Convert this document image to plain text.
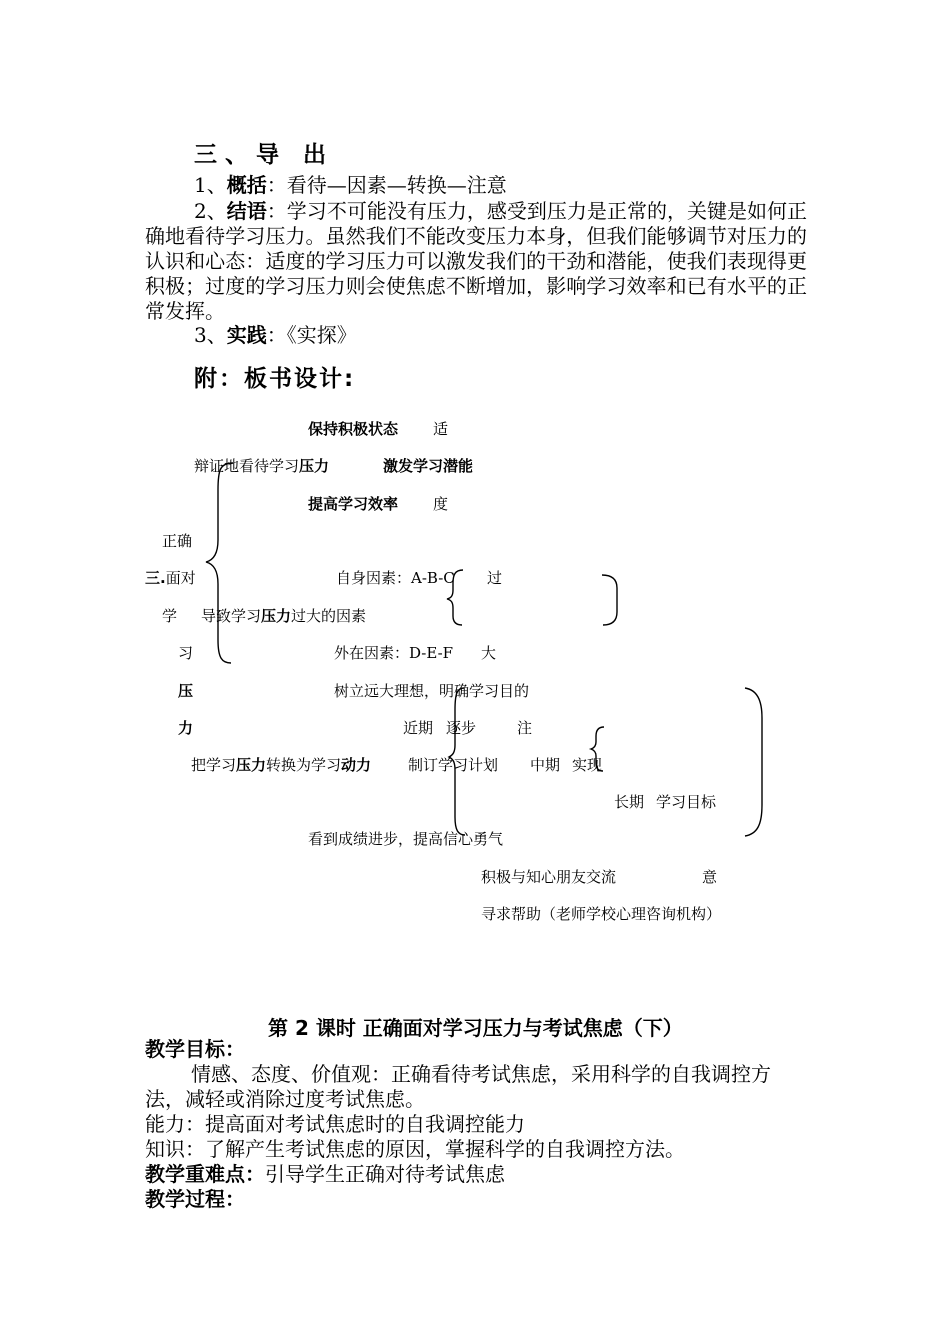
三、导 出
1、概括：看待—因素—转换—注意
2、结语：学习不可能没有压力，感受到压力是正常的，关键是如何正确地看待学习压力。虽然我们不能改变压力本身，但我们能够调节对压力的认识和心态：适度的学习压力可以激发我们的干劲和潜能，使我们表现得更积极；过度的学习压力则会使焦虑不断增加，影响学习效率和已有水平的正常发挥。
3、实践：《实探》
附：板书设计:
保持积极状态 适
辩证地看待学习压力	激发学习潜能
提高学习效率 度
正确
三.面对	自身因素：A-B-C 过
学 导致学习压力过大的因素
习	外在因素：D-E-F 大
压	树立远大理想，明确学习目的
力	近期 逐步	注
把学习压力转换为学习动力 制订学习计划 中期 实现
长期 学习目标
看到成绩进步，提高信心勇气
积极与知心朋友交流	意
寻求帮助（老师学校心理咨询机构）
第 2 课时 正确面对学习压力与考试焦虑（下）
教学目标：
情感、态度、价值观：正确看待考试焦虑，采用科学的自我调控方法，减轻或消除过度考试焦虑。
能力：提高面对考试焦虑时的自我调控能力
知识：了解产生考试焦虑的原因，掌握科学的自我调控方法。
教学重难点：引导学生正确对待考试焦虑
教学过程：
